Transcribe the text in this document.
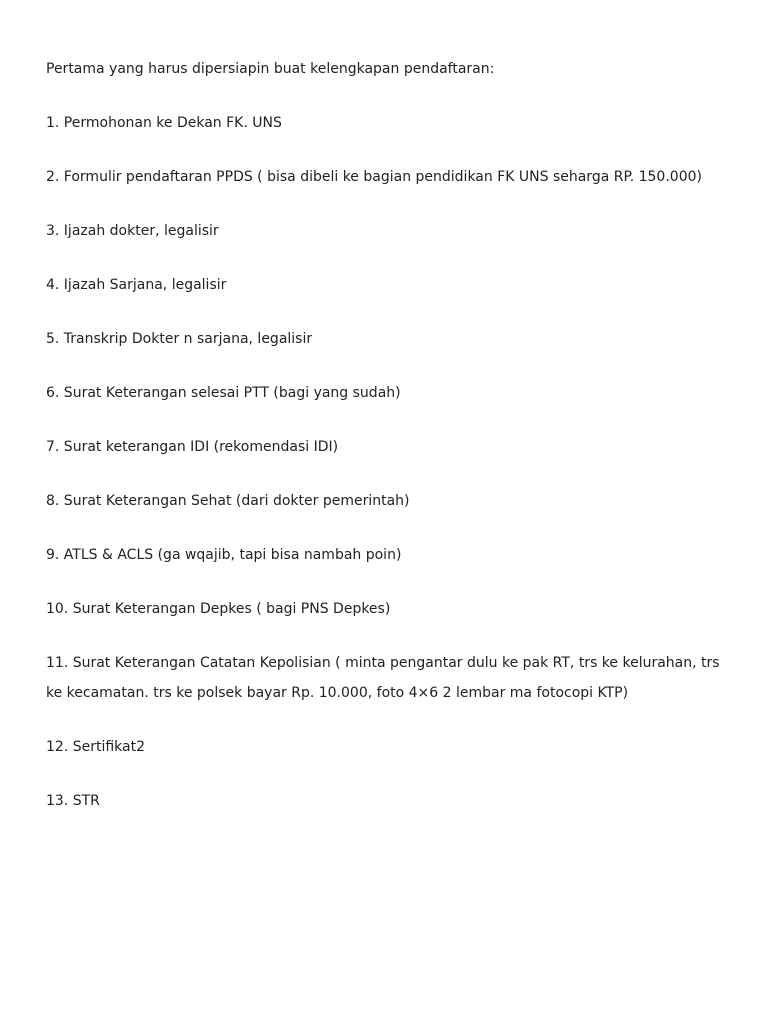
Pertama yang harus dipersiapin buat kelengkapan pendaftaran:

1. Permohonan ke Dekan FK. UNS
2. Formulir pendaftaran PPDS ( bisa dibeli ke bagian pendidikan FK UNS seharga RP. 150.000)
3. Ijazah dokter, legalisir
4. Ijazah Sarjana, legalisir
5. Transkrip Dokter n sarjana, legalisir
6. Surat Keterangan selesai PTT (bagi yang sudah)
7. Surat keterangan IDI (rekomendasi IDI)
8. Surat Keterangan Sehat (dari dokter pemerintah)
9. ATLS & ACLS (ga wqajib, tapi bisa nambah poin)
10. Surat Keterangan Depkes ( bagi PNS Depkes)
11. Surat Keterangan Catatan Kepolisian ( minta pengantar dulu ke pak RT, trs ke kelurahan, trs ke kecamatan. trs ke polsek bayar Rp. 10.000, foto 4×6 2 lembar ma fotocopi KTP)
12. Sertifikat2
13. STR
